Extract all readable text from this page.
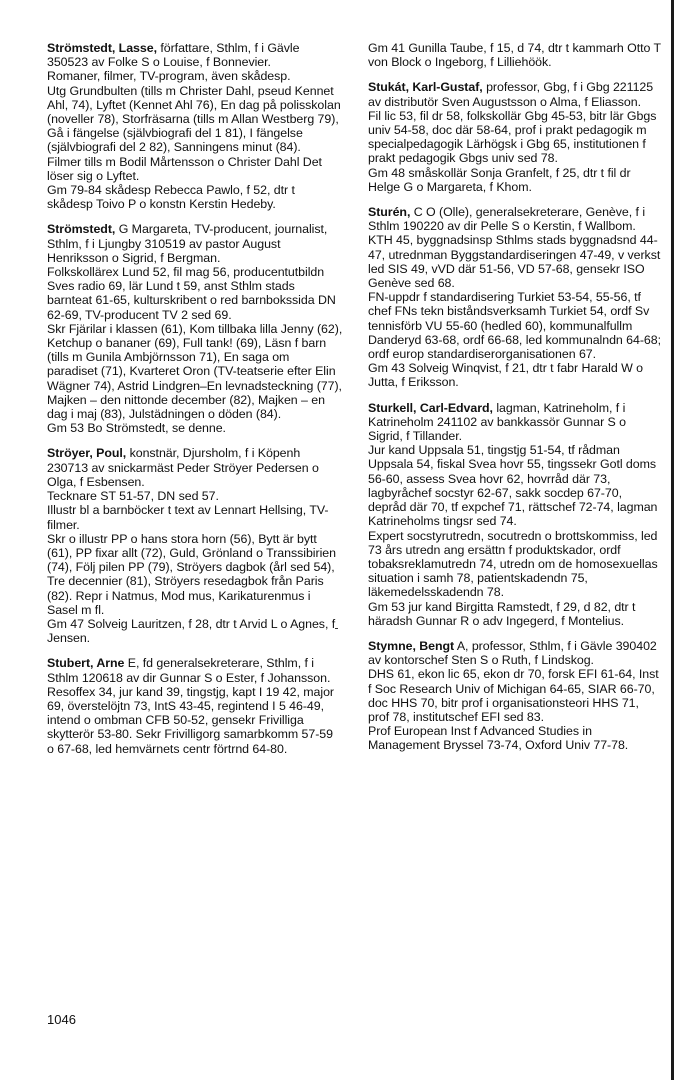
Strömstedt, Lasse, författare, Sthlm, f i Gävle 350523 av Folke S o Louise, f Bonnevier.

Romaner, filmer, TV-program, även skådesp.

Utg Grundbulten (tills m Christer Dahl, pseud Kennet Ahl, 74), Lyftet (Kennet Ahl 76), En dag på polisskolan (noveller 78), Storfräsarna (tills m Allan Westberg 79), Gå i fängelse (självbiografi del 1 81), I fängelse (självbiografi del 2 82), Sanningens minut (84).

Filmer tills m Bodil Mårtensson o Christer Dahl Det löser sig o Lyftet.

Gm 79-84 skådesp Rebecca Pawlo, f 52, dtr t skådesp Toivo P o konstn Kerstin Hedeby.

Strömstedt, G Margareta, TV-producent, journalist, Sthlm, f i Ljungby 310519 av pastor August Henriksson o Sigrid, f Bergman.

Folkskollärex Lund 52, fil mag 56, producentutbildn Sves radio 69, lär Lund t 59, anst Sthlm stads barnteat 61-65, kulturskribent o red barnbokssida DN 62-69, TV-producent TV 2 sed 69.

Skr Fjärilar i klassen (61), Kom tillbaka lilla Jenny (62), Ketchup o bananer (69), Full tank! (69), Läsn f barn (tills m Gunila Ambjörnsson 71), En saga om paradiset (71), Kvarteret Oron (TV-teatserie efter Elin Wägner 74), Astrid Lindgren–En levnadsteckning (77), Majken – den nittonde december (82), Majken – en dag i maj (83), Julstädningen o döden (84).

Gm 53 Bo Strömstedt, se denne.

Ströyer, Poul, konstnär, Djursholm, f i Köpenh 230713 av snickarmäst Peder Ströyer Pedersen o Olga, f Esbensen.

Tecknare ST 51-57, DN sed 57.

Illustr bl a barnböcker t text av Lennart Hellsing, TV-filmer.

Skr o illustr PP o hans stora horn (56), Bytt är bytt (61), PP fixar allt (72), Guld, Grönland o Transsibirien (74), Följ pilen PP (79), Ströyers dagbok (årl sed 54), Tre decennier (81), Ströyers resedagbok från Paris (82). Repr i Natmus, Mod mus, Karikaturenmus i Sasel m fl.

Gm 47 Solveig Lauritzen, f 28, dtr t Arvid L o Agnes, f Jensen.

Stubert, Arne E, fd generalsekreterare, Sthlm, f i Sthlm 120618 av dir Gunnar S o Ester, f Johansson.

Resoffex 34, jur kand 39, tingstjg, kapt I 19 42, major 69, överstelöjtn 73, IntS 43-45, regintend I 5 46-49, intend o ombman CFB 50-52, gensekr Frivilliga skytterör 53-80. Sekr Frivilligorg samarbkomm 57-59 o 67-68, led hemvärnets centr förtrnd 64-80.

Gm 41 Gunilla Taube, f 15, d 74, dtr t kammarh Otto T von Block o Ingeborg, f Lilliehöök.

Stukát, Karl-Gustaf, professor, Gbg, f i Gbg 221125 av distributör Sven Augustsson o Alma, f Eliasson.

Fil lic 53, fil dr 58, folkskollär Gbg 45-53, bitr lär Gbgs univ 54-58, doc där 58-64, prof i prakt pedagogik m specialpedagogik Lärhögsk i Gbg 65, institutionen f prakt pedagogik Gbgs univ sed 78.

Gm 48 småskollär Sonja Granfelt, f 25, dtr t fil dr Helge G o Margareta, f Khom.

Sturén, C O (Olle), generalsekreterare, Genève, f i Sthlm 190220 av dir Pelle S o Kerstin, f Wallbom.

KTH 45, byggnadsinsp Sthlms stads byggnadsnd 44-47, utrednman Byggstandardiseringen 47-49, v verkst led SIS 49, vVD där 51-56, VD 57-68, gensekr ISO Genève sed 68.

FN-uppdr f standardisering Turkiet 53-54, 55-56, tf chef FNs tekn biståndsverksamh Turkiet 54, ordf Sv tennisförb VU 55-60 (hedled 60), kommunalfullm Danderyd 63-68, ordf 66-68, led kommunalndn 64-68; ordf europ standardiserorganisationen 67.

Gm 43 Solveig Winqvist, f 21, dtr t fabr Harald W o Jutta, f Eriksson.

Sturkell, Carl-Edvard, lagman, Katrineholm, f i Katrineholm 241102 av bankkassör Gunnar S o Sigrid, f Tillander.

Jur kand Uppsala 51, tingstjg 51-54, tf rådman Uppsala 54, fiskal Svea hovr 55, tingssekr Gotl doms 56-60, assess Svea hovr 62, hovrråd där 73, lagbyråchef socstyr 62-67, sakk socdep 67-70, depråd där 70, tf expchef 71, rättschef 72-74, lagman Katrineholms tingsr sed 74.

Expert socstyrutredn, socutredn o brottskommiss, led 73 års utredn ang ersättn f produktskador, ordf tobaksreklamutredn 74, utredn om de homosexuellas situation i samh 78, patientskadendn 75, läkemedelsskadendn 78.

Gm 53 jur kand Birgitta Ramstedt, f 29, d 82, dtr t häradsh Gunnar R o adv Ingegerd, f Montelius.

Stymne, Bengt A, professor, Sthlm, f i Gävle 390402 av kontorschef Sten S o Ruth, f Lindskog.

DHS 61, ekon lic 65, ekon dr 70, forsk EFI 61-64, Inst f Soc Research Univ of Michigan 64-65, SIAR 66-70, doc HHS 70, bitr prof i organisationsteori HHS 71, prof 78, institutschef EFI sed 83.

Prof European Inst f Advanced Studies in Management Bryssel 73-74, Oxford Univ 77-78.

1046
